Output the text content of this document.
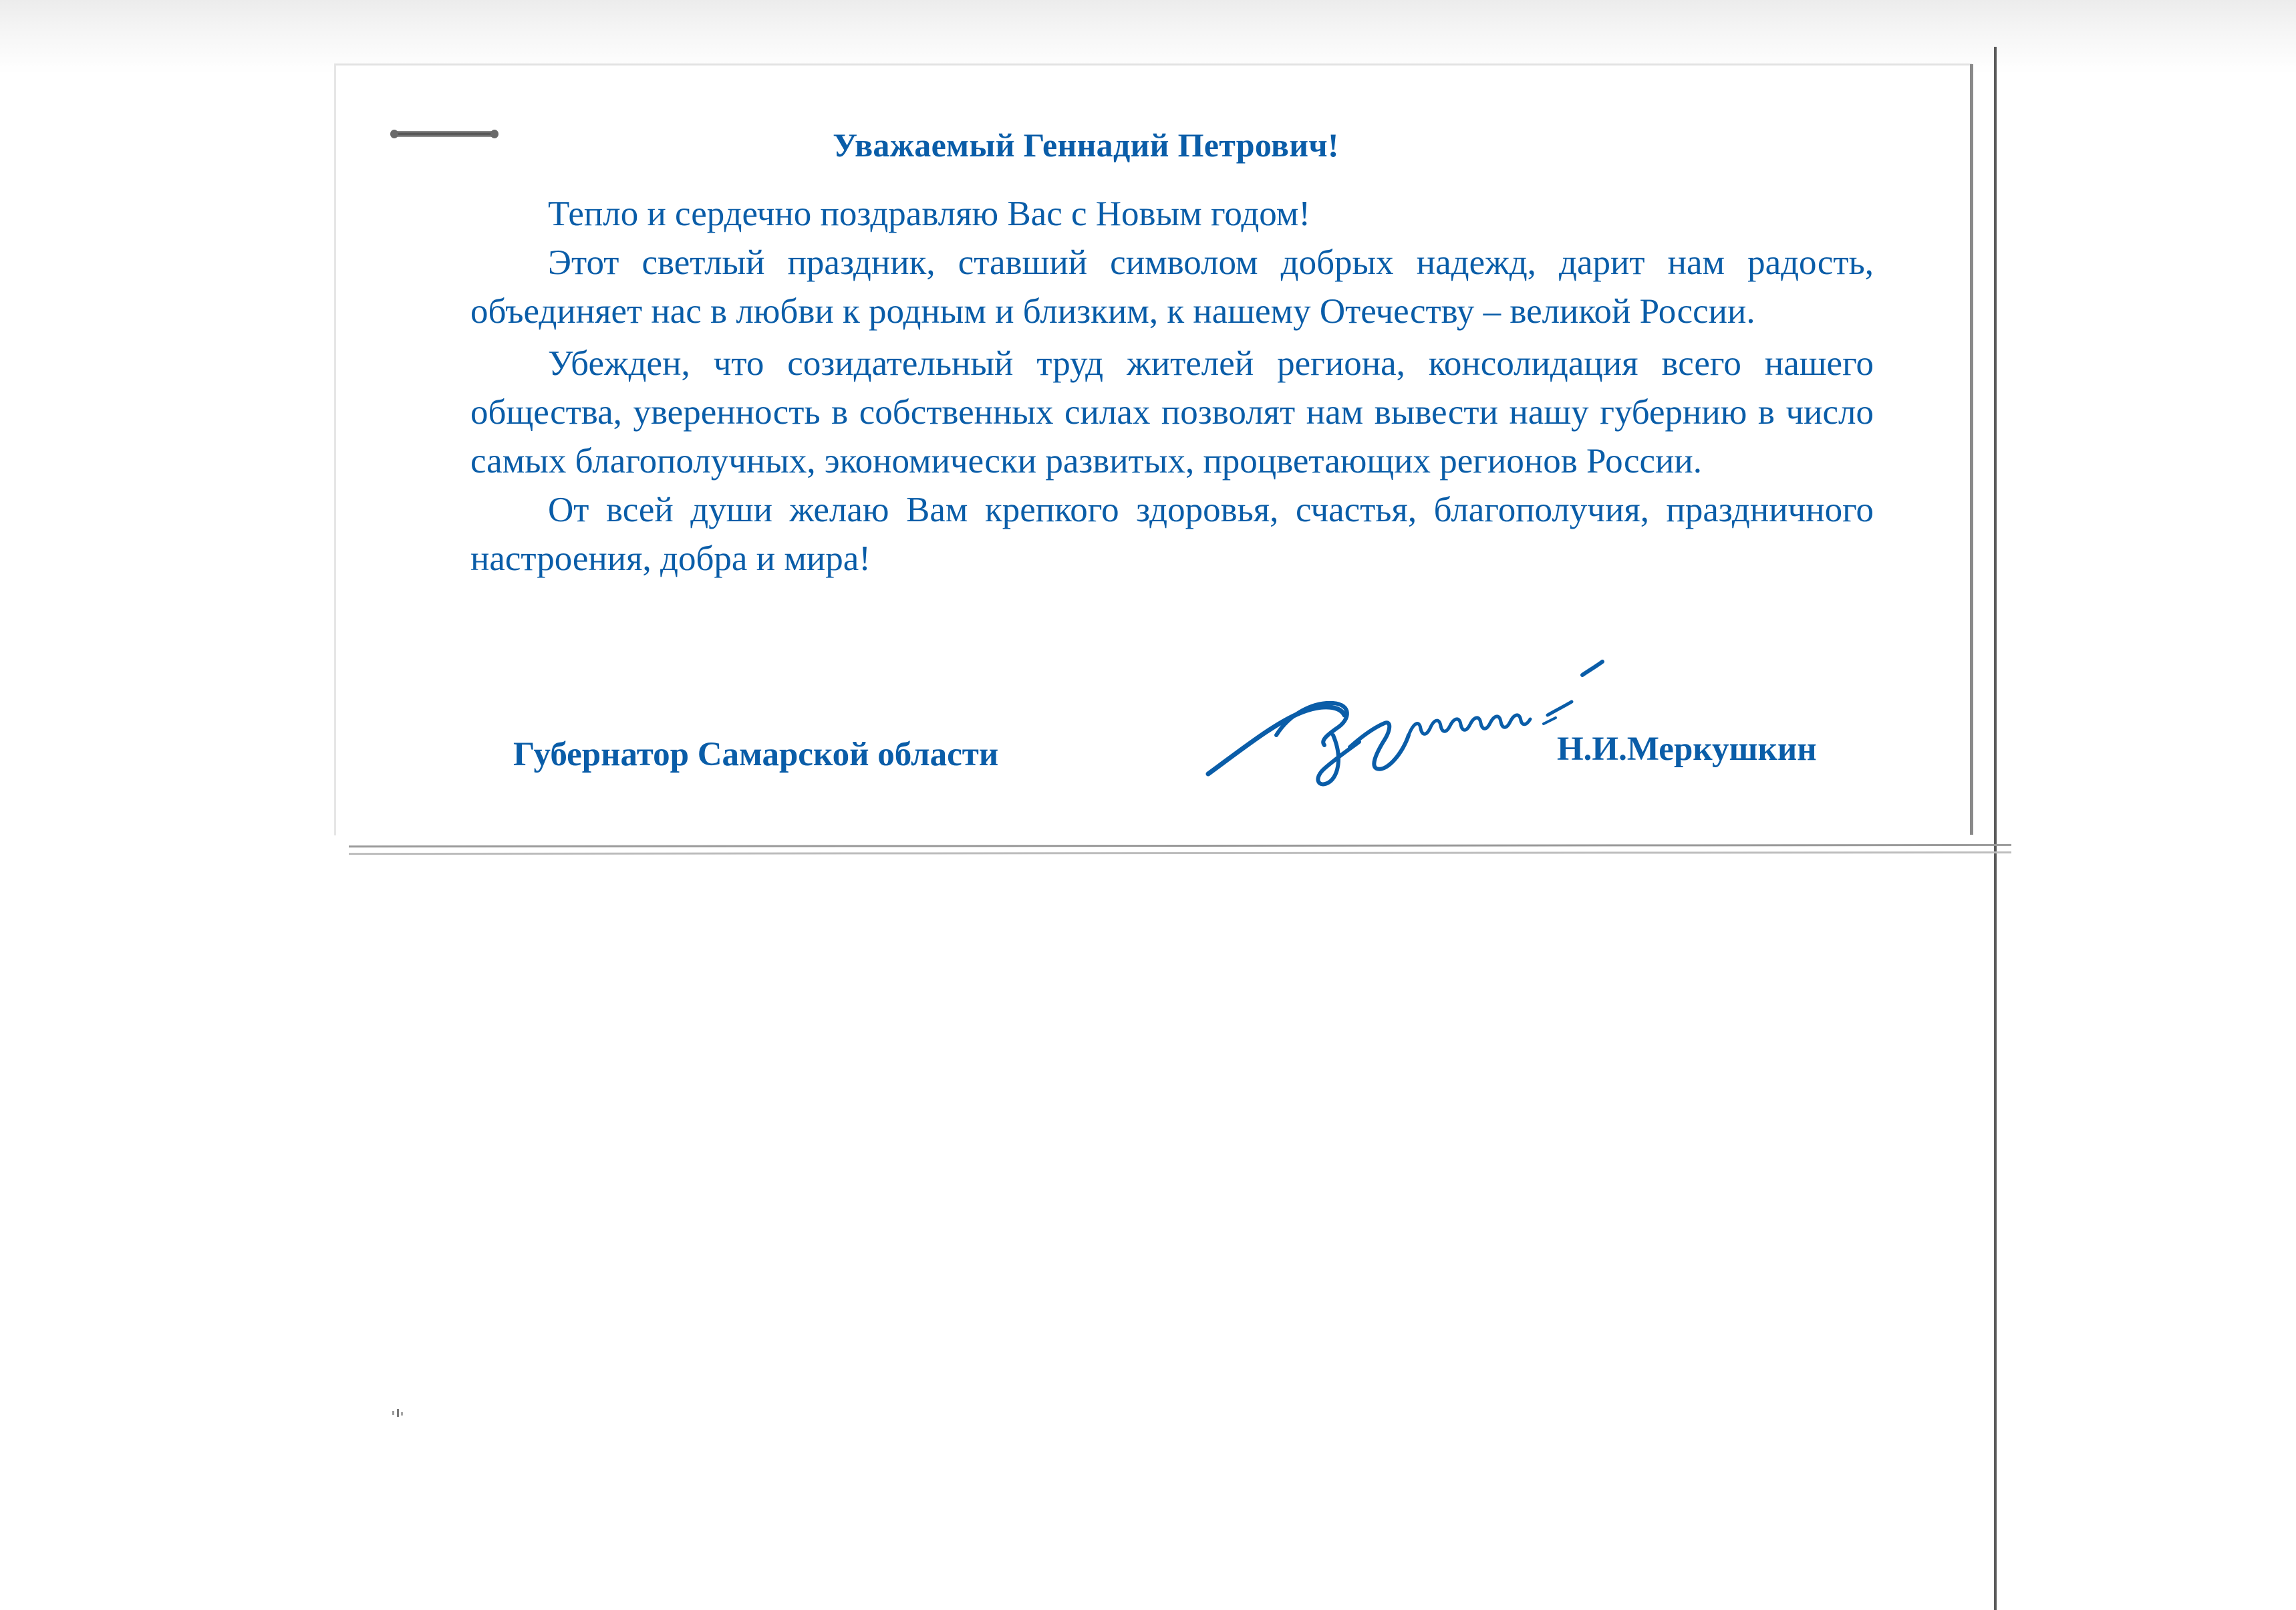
Уважаемый Геннадий Петрович!

Тепло и сердечно поздравляю Вас с Новым годом!

Этот светлый праздник, ставший символом добрых надежд, дарит нам радость, объединяет нас в любви к родным и близким, к нашему Отечеству – великой России.

Убежден, что созидательный труд жителей региона, консолидация всего нашего общества, уверенность в собственных силах позволят нам вывести нашу губернию в число самых благополучных, экономически развитых, процветающих регионов России.

От всей души желаю Вам крепкого здоровья, счастья, благополучия, праздничного настроения, добра и мира!

Губернатор Самарской области	Н.И.Меркушкин
